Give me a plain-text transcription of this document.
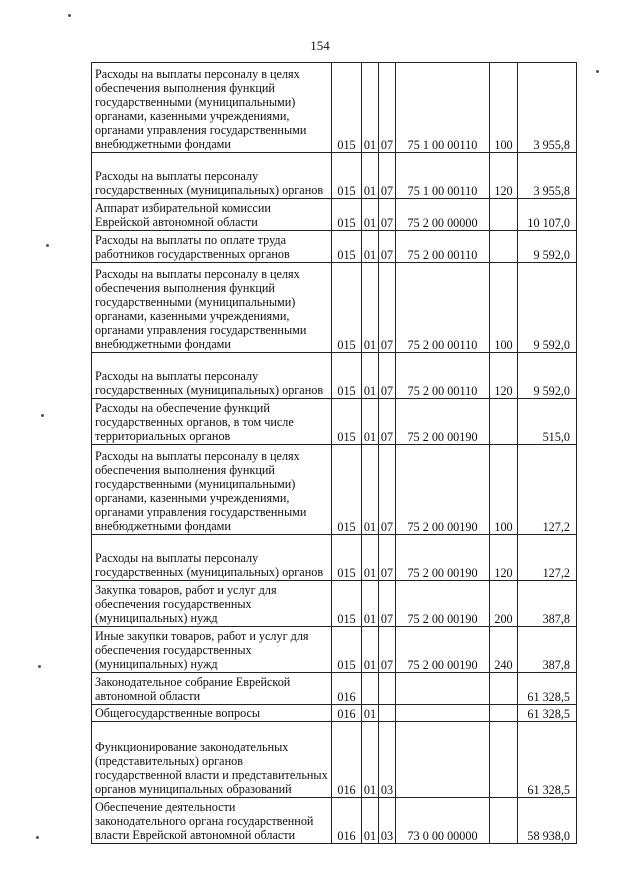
154
Расходы на выплаты персоналу в целях обеспечения выполнения функций государственными (муниципальными) органами, казенными учреждениями, органами управления государственными внебюджетными фондами	015	01	07	75 1 00 00110	100	3 955,8
Расходы на выплаты персоналу государственных (муниципальных) органов	015	01	07	75 1 00 00110	120	3 955,8
Аппарат избирательной комиссии Еврейской автономной области	015	01	07	75 2 00 00000		10 107,0
Расходы на выплаты по оплате труда работников государственных органов	015	01	07	75 2 00 00110		9 592,0
Расходы на выплаты персоналу в целях обеспечения выполнения функций государственными (муниципальными) органами, казенными учреждениями, органами управления государственными внебюджетными фондами	015	01	07	75 2 00 00110	100	9 592,0
Расходы на выплаты персоналу государственных (муниципальных) органов	015	01	07	75 2 00 00110	120	9 592,0
Расходы на обеспечение функций государственных органов, в том числе территориальных органов	015	01	07	75 2 00 00190		515,0
Расходы на выплаты персоналу в целях обеспечения выполнения функций государственными (муниципальными) органами, казенными учреждениями, органами управления государственными внебюджетными фондами	015	01	07	75 2 00 00190	100	127,2
Расходы на выплаты персоналу государственных (муниципальных) органов	015	01	07	75 2 00 00190	120	127,2
Закупка товаров, работ и услуг для обеспечения государственных (муниципальных) нужд	015	01	07	75 2 00 00190	200	387,8
Иные закупки товаров, работ и услуг для обеспечения государственных (муниципальных) нужд	015	01	07	75 2 00 00190	240	387,8
Законодательное собрание Еврейской автономной области	016					61 328,5
Общегосударственные вопросы	016	01				61 328,5
Функционирование законодательных (представительных) органов государственной власти и представительных органов муниципальных образований	016	01	03			61 328,5
Обеспечение деятельности законодательного органа государственной власти Еврейской автономной области	016	01	03	73 0 00 00000		58 938,0
